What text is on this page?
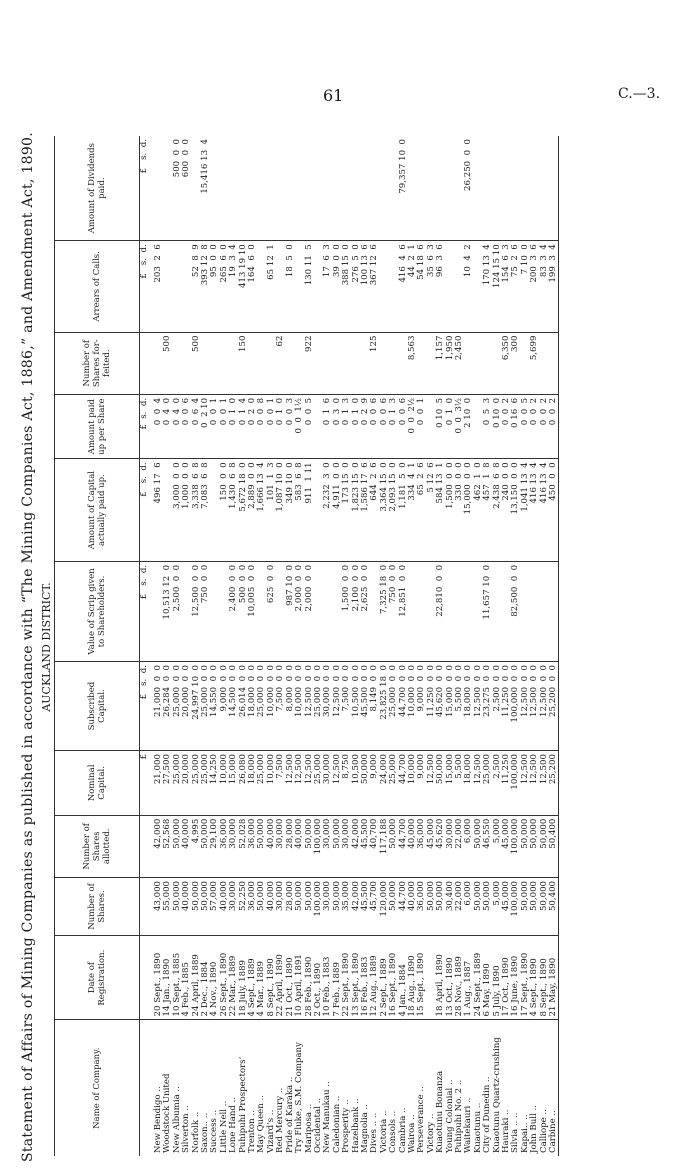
61	C.—3.
Statement of Affairs of Mining Companies as published in accordance with “The Mining Companies Act, 1886,” and Amendment Act, 1890. AUCKLAND DISTRICT.
Name of Company.	Date of Registration.	Number of Shares.	Number of Shares allotted.	Nominal Capital.	Subscribed Capital.	Value of Scrip given to Shareholders.	Amount of Capital actually paid up.	Amount paid up per Share	Number of Shares for-feited.	Arrears of Calls.	Amount of Dividends paid.
				£	£   s.  d.	£   s.  d.	£   s.  d.	£  s.  d.		£   s.  d.	£   s.  d.
New Bendigo ..	20 Sept., 1890	43,000	42,000	21,000	21,000  0  0		496 17  6	0  0  4		203  2  6	
Woodstock United	14 Jan., 1890	55,000	52,568	27,500	26,284  0  0	10,513 12  0		0  4  0	500		
New Albumia ..	10 Sept., 1885	50,000	50,000	25,000	25,000  0  0	2,500  0  0	3,000  0  0	0  4  0			500  0  0
Silverton ..	4 Feb., 1885	40,000	40,000	20,000	20,000  0  0		1,000  0  0	0  0  6			600  0  0
Norfolk ..	24 April, 1889	50,000	4,995	25,000	24,997 10  0	12,500  0  0	3,338  6  8	0  6  4	500	52  8  9	
Saxon.. ..	2 Dec., 1884	50,000	50,000	25,000	25,000  0  0	750  0  0	7,083  6  8	0  2 10		393 12  8	15,416 13  4
Success ..	4 Nov., 1890	57,000	29,100	14,250	14,550  0  0			0  0  1		95  0  0	
Little Nell ..	26 Sept., 1890	40,000	36,000	10,000	9,000  0  0		150  0  0	0  0  1		265  6  0	
Lone Hand ..	22 Mar., 1889	30,000	30,000	15,000	14,500  0  0	2,400  0  0	1,430  6  8	0  1  0		19  3  4	
Puhipuhi Prospectors’	18 July, 1889	52,250	52,028	26,080	26,014  0  0	500  0  0	5,672 18  0	0  1  4	150	413 19 10	
Trenton ..	4 Sept., 1889	36,000	36,000	18,000	18,000  0  0	10,005  0  0	2,889  0  0	0  2  0		164  6  0	
May Queen ..	4 Mar., 1889	50,000	50,000	25,000	25,000  0  0		1,666 13  4	0  0  8			
Vizard’s ..	8 Sept., 1890	40,000	40,000	10,000	10,000  0  0	625  0  0	101  1  3	0  0  1		65 12  1	
Red Mercury ..	22 April, 1890	30,000	30,000	7,500	7,500  0  0		1,087 10  0	0  1  0	62		
Pride of Karaka ..	21 Oct., 1890	28,000	28,000	12,500	8,000  0  0	987 10  0	349 10  0	0  0  3		18  5  0	
Try Fluke, S.M. Company	10 April, 1891	50,000	40,000	12,500	10,000  0  0	2,000  0  0	583  6  8	0  0  1½			
Mariposa ..	28 Feb., 1890	50,000	50,000	12,500	12,500  0  0	2,000  0  0	911  1 11	0  0  5	922	130 11  5	
Occidental ..	2 Oct., 1890	100,000	100,000	25,000	25,000  0  0						
New Manukau ..	10 Feb., 1883	30,000	30,000	30,000	30,000  0  0		2,232  3  0	0  1  6		17  6  3	
Caledonian ..	7 Feb., 1889	50,000	50,000	12,500	12,500  0  0		4,911  0  0	0  3  0		39  0  0	
Prosperity ..	22 Sept., 1890	35,000	30,000	8,750	7,500  0  0	1,500  0  0	173 15  0	0  1  3		388 15  0	
Hazelbank ..	13 Sept., 1890	42,000	42,000	10,500	10,500  0  0	2,100  0  0	1,823 15  0	0  1  0		276  5  0	
Magnolia ..	16 Feb., 1883	45,500	45,500	50,000	45,500  0  0	2,625  0  0	1,586 17  6	0  2  9		100 13  6	
Dives .. ..	12 Aug., 1889	45,700	40,700	9,000	8,149  0  0		644  2  6	0  0  6	125	367 12  6	
Victoria ..	2 Sept., 1889	120,000	117,188	24,000	23,825 18  0	7,325 18  0	3,364 15  0	0  0  6			
Consols ..	16 Sept., 1890	50,000	50,000	25,000	25,000  0  0	750  0  0	2,093 15  0	0  1  3			
Cambria ..	4 Jan., 1884	44,700	44,700	44,700	44,700  0  0	12,851  0  0	1,181  5  0	0  0  6		416  4  6	79,357 10  0
Wairoa ..	18 Aug., 1890	40,000	40,000	10,000	10,000  0  0		334  4  1	0  0  2½	8,563	44  2  1	
Perseverance ..	15 Sept., 1890	36,000	36,000	9,000	9,000  0  0		65  2  6	0  0  1		54 18  6	
Victory ..		50,000	45,000	12,500	11,250  0  0		5 12  6			35  6  3	
Kuaotunu Bonanza	18 April, 1890	50,000	45,620	50,000	45,620  0  0	22,810  0  0	584 13  1	0 10  5	1,157	96  3  6	
Young Colonial ..	13 Oct., 1890	30,400	30,000	15,000	15,000  0  0		1,500  0  0	0  1  0	1,950		
Puhipuhi No. 2 ..	28 Nov., 1889	22,000	22,000	5,500	5,500  0  0		330  0  0	0  0  3½	2,450		
Waitekauri ..	1 Aug., 1887	6,000	6,000	18,000	18,000  0  0		15,000  0  0	2 10  0		10  4  2	26,250  0  0
Kuaotunu ..	24 Sept., 1889	50,000	50,000	12,500	12,500  0  0		462  1  0				
City of Dunedin ..	6 May, 1890	50,000	46,550	25,000	23,275  0  0	11,657 10  0	457  1  8	0  5  3		170 13  4	
Kuaotunu Quartz-crushing	5 July, 1890	5,000	5,000	2,500	2,500  0  0		2,438  6  8	0 10  0		124 15 10	
Hauraki ..	17 Oct., 1890	45,000	45,000	11,250	11,250  0  0		240  0  0	0  0  2	6,350	154  6  3	
Silvia .. ..	16 June, 1890	100,000	100,000	100,000	100,000  0  0	82,500  0  0	13,150  0  0	0 16  6	300	75  2  6	
Kapai.. ..	17 Sept., 1890	50,000	50,000	12,500	12,500  0  0		1,041 13  4	0  0  5		7 10  0	
John Bull ..	4 Sept., 1890	50,000	50,000	12,500	12,500  0  0		416 13  4	0  0  2	5,699	200  3  6	
Calliope ..	8 Sept., 1890	50,000	50,000	12,500	12,500  0  0		416 13  4	0  0  2		83  3  4	
Carbine ..	21 May, 1890	50,400	50,400	25,200	25,200  0  0		450  0  0	0  0  2		199  3  4	
